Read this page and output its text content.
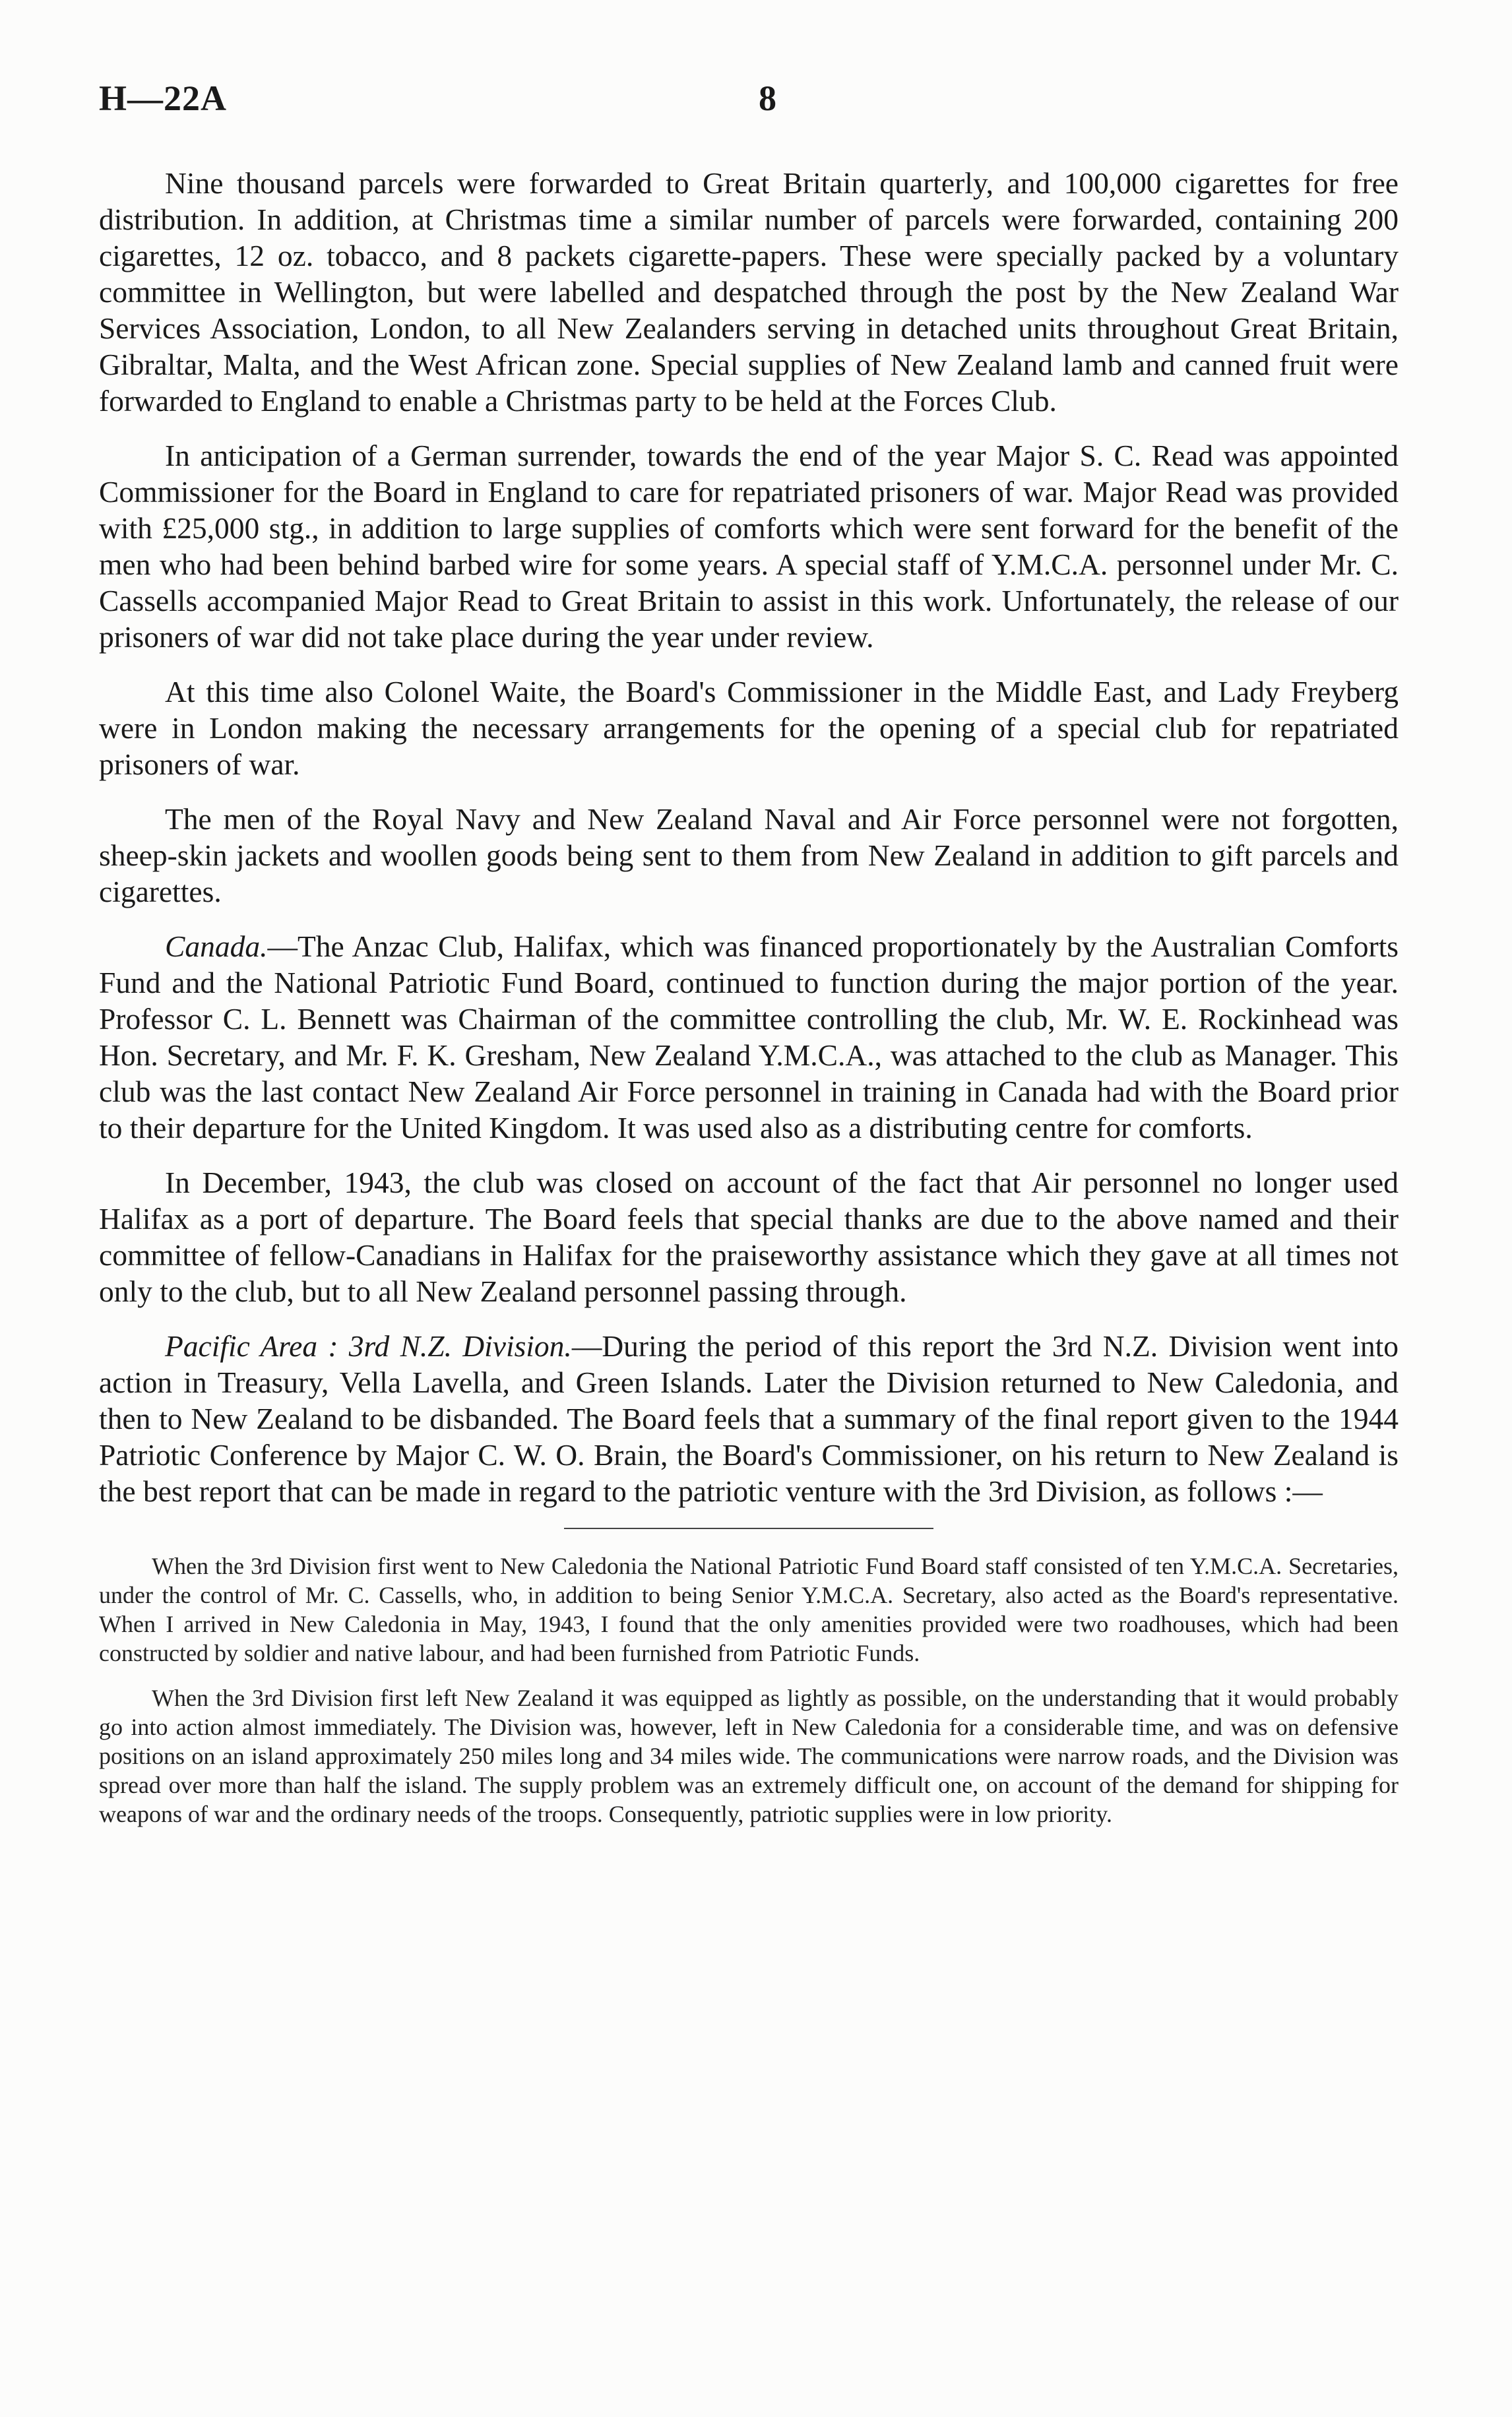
H—22A	8

Nine thousand parcels were forwarded to Great Britain quarterly, and 100,000 cigarettes for free distribution. In addition, at Christmas time a similar number of parcels were forwarded, containing 200 cigarettes, 12 oz. tobacco, and 8 packets cigarette-papers. These were specially packed by a voluntary committee in Wellington, but were labelled and despatched through the post by the New Zealand War Services Association, London, to all New Zealanders serving in detached units throughout Great Britain, Gibraltar, Malta, and the West African zone. Special supplies of New Zealand lamb and canned fruit were forwarded to England to enable a Christmas party to be held at the Forces Club.

In anticipation of a German surrender, towards the end of the year Major S. C. Read was appointed Commissioner for the Board in England to care for repatriated prisoners of war. Major Read was provided with £25,000 stg., in addition to large supplies of comforts which were sent forward for the benefit of the men who had been behind barbed wire for some years. A special staff of Y.M.C.A. personnel under Mr. C. Cassells accompanied Major Read to Great Britain to assist in this work. Unfortunately, the release of our prisoners of war did not take place during the year under review.

At this time also Colonel Waite, the Board's Commissioner in the Middle East, and Lady Freyberg were in London making the necessary arrangements for the opening of a special club for repatriated prisoners of war.

The men of the Royal Navy and New Zealand Naval and Air Force personnel were not forgotten, sheep-skin jackets and woollen goods being sent to them from New Zealand in addition to gift parcels and cigarettes.

Canada.—The Anzac Club, Halifax, which was financed proportionately by the Australian Comforts Fund and the National Patriotic Fund Board, continued to function during the major portion of the year. Professor C. L. Bennett was Chairman of the committee controlling the club, Mr. W. E. Rockinhead was Hon. Secretary, and Mr. F. K. Gresham, New Zealand Y.M.C.A., was attached to the club as Manager. This club was the last contact New Zealand Air Force personnel in training in Canada had with the Board prior to their departure for the United Kingdom. It was used also as a distributing centre for comforts.

In December, 1943, the club was closed on account of the fact that Air personnel no longer used Halifax as a port of departure. The Board feels that special thanks are due to the above named and their committee of fellow-Canadians in Halifax for the praiseworthy assistance which they gave at all times not only to the club, but to all New Zealand personnel passing through.

Pacific Area : 3rd N.Z. Division.—During the period of this report the 3rd N.Z. Division went into action in Treasury, Vella Lavella, and Green Islands. Later the Division returned to New Caledonia, and then to New Zealand to be disbanded. The Board feels that a summary of the final report given to the 1944 Patriotic Conference by Major C. W. O. Brain, the Board's Commissioner, on his return to New Zealand is the best report that can be made in regard to the patriotic venture with the 3rd Division, as follows :—

When the 3rd Division first went to New Caledonia the National Patriotic Fund Board staff consisted of ten Y.M.C.A. Secretaries, under the control of Mr. C. Cassells, who, in addition to being Senior Y.M.C.A. Secretary, also acted as the Board's representative. When I arrived in New Caledonia in May, 1943, I found that the only amenities provided were two roadhouses, which had been constructed by soldier and native labour, and had been furnished from Patriotic Funds.

When the 3rd Division first left New Zealand it was equipped as lightly as possible, on the understanding that it would probably go into action almost immediately. The Division was, however, left in New Caledonia for a considerable time, and was on defensive positions on an island approximately 250 miles long and 34 miles wide. The communications were narrow roads, and the Division was spread over more than half the island. The supply problem was an extremely difficult one, on account of the demand for shipping for weapons of war and the ordinary needs of the troops. Consequently, patriotic supplies were in low priority.
